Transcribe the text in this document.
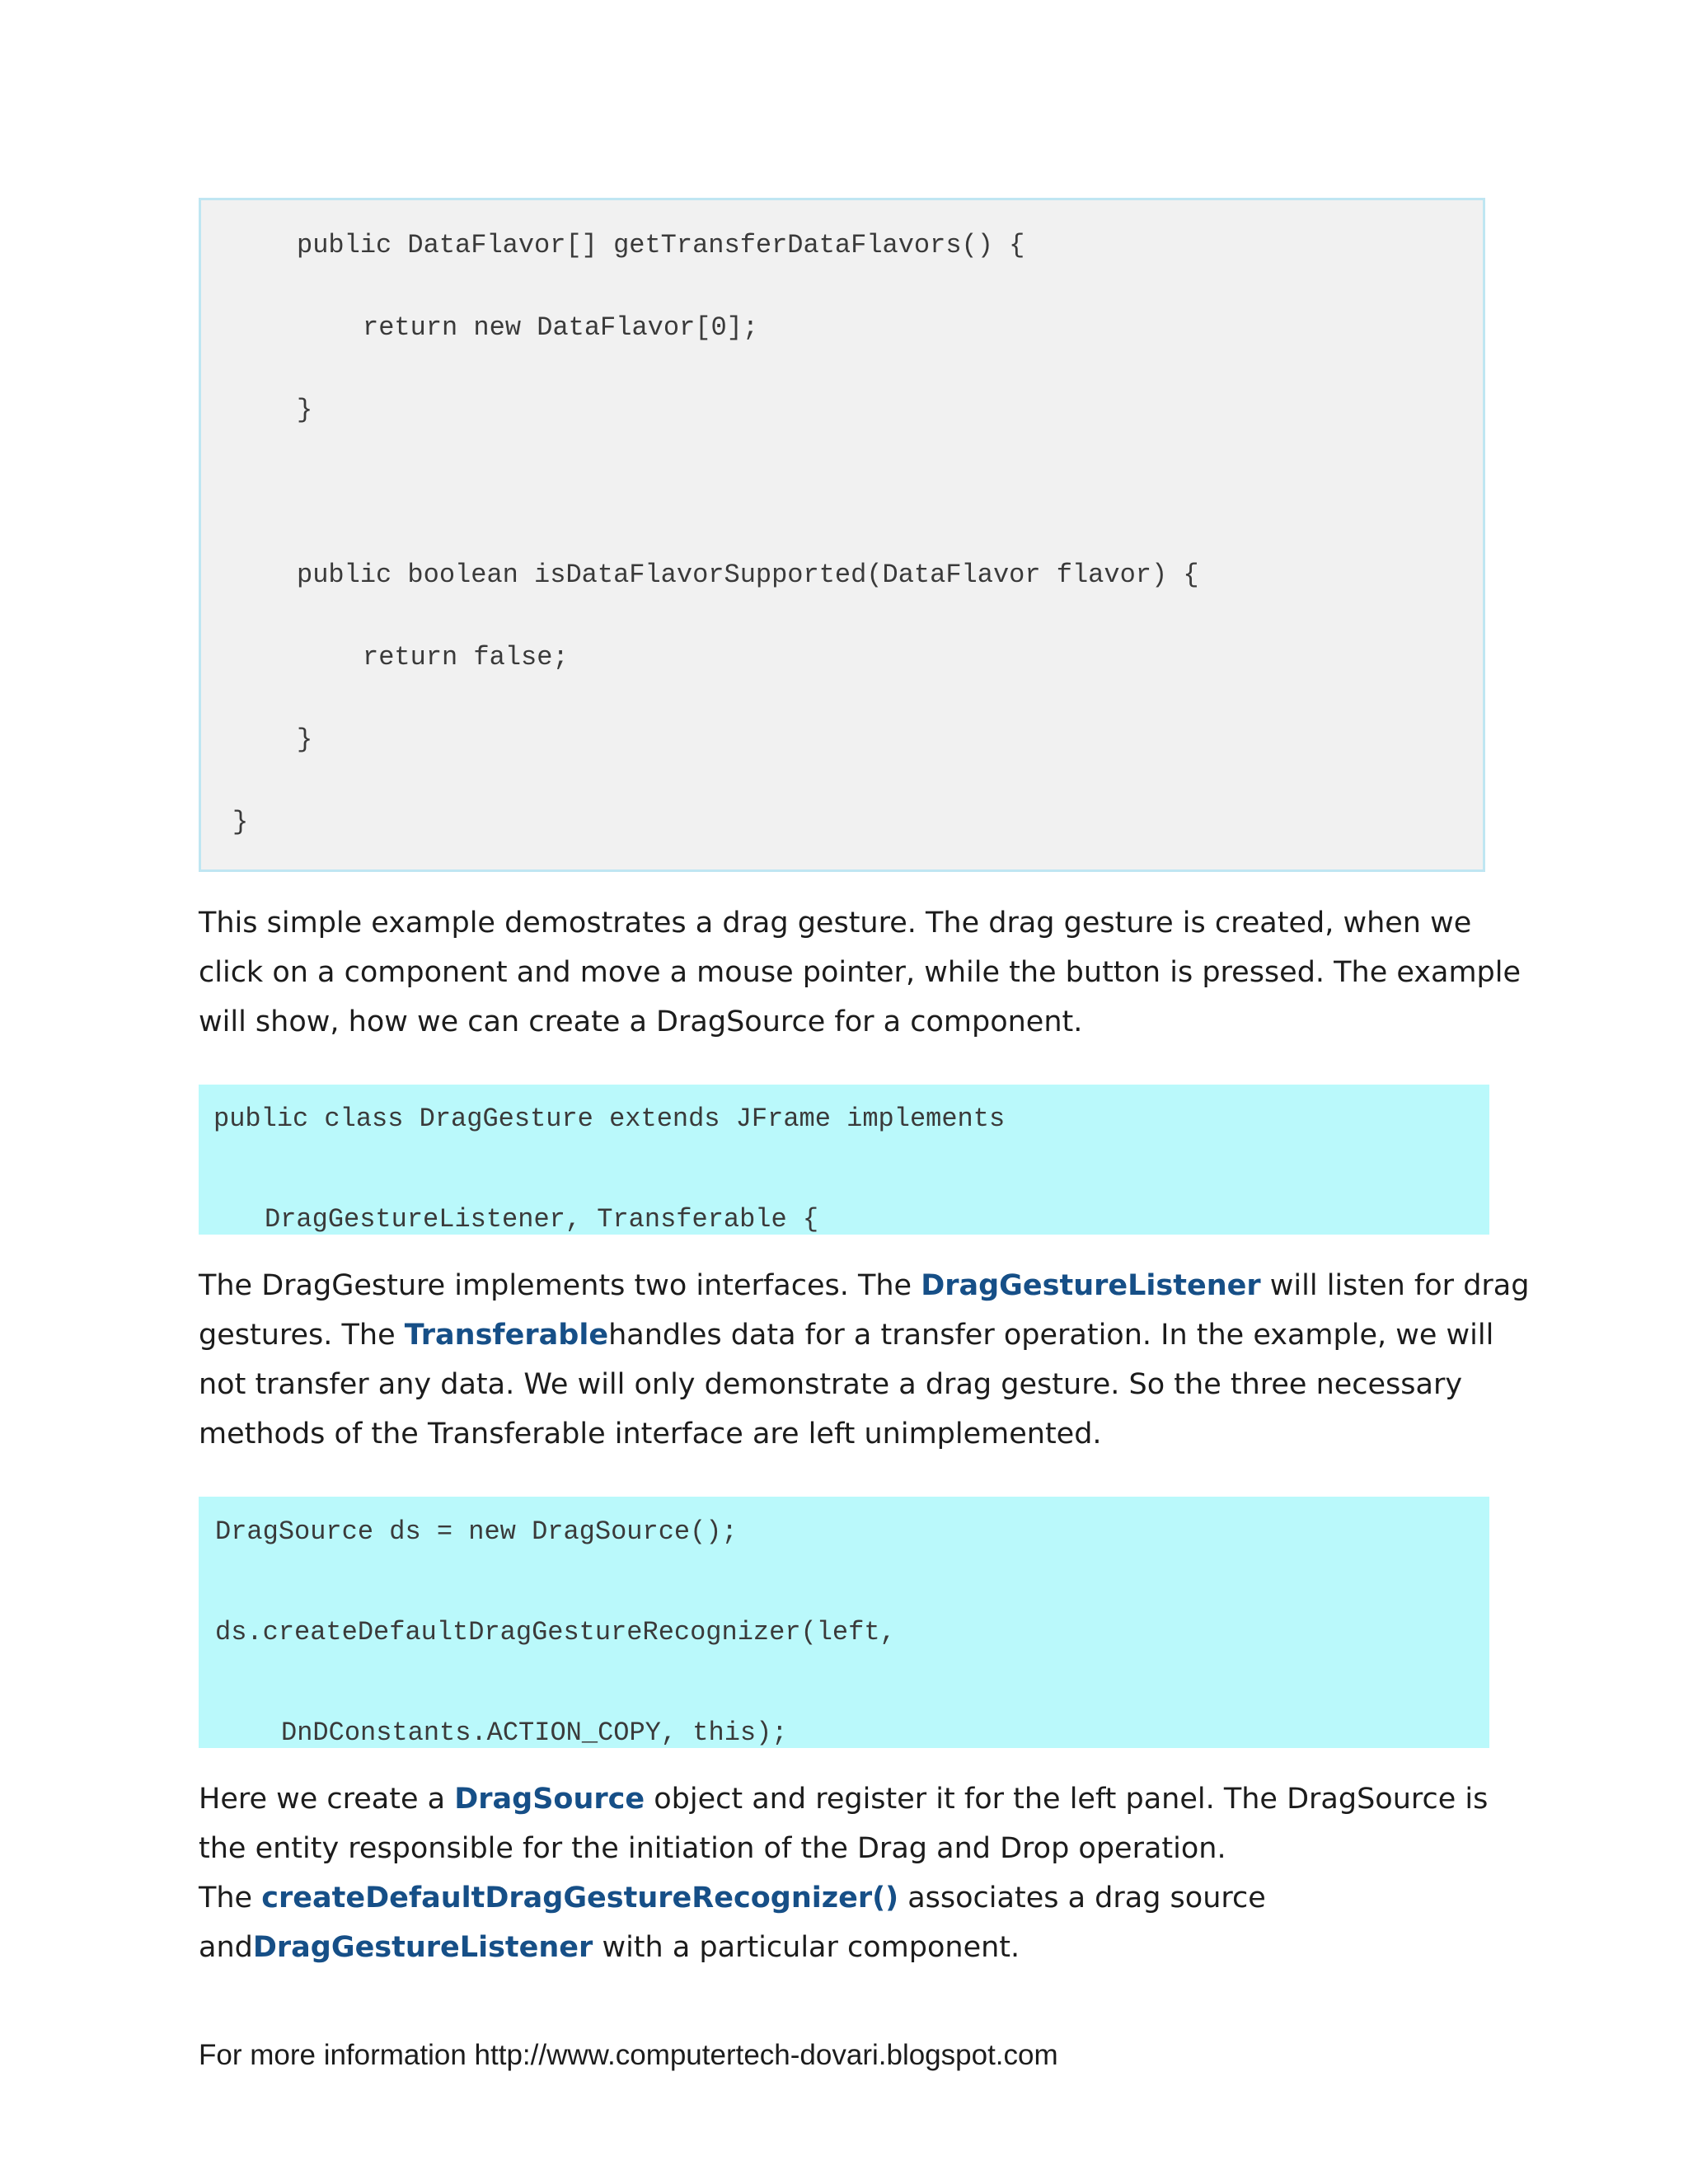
public DataFlavor[] getTransferDataFlavors() {

return new DataFlavor[0];

}

public boolean isDataFlavorSupported(DataFlavor flavor) {

return false;

}

}

This simple example demostrates a drag gesture. The drag gesture is created, when we
click on a component and move a mouse pointer, while the button is pressed. The example
will show, how we can create a DragSource for a component.

public class DragGesture extends JFrame implements

DragGestureListener, Transferable {

The DragGesture implements two interfaces. The DragGestureListener will listen for drag
gestures. The Transferablehandles data for a transfer operation. In the example, we will
not transfer any data. We will only demonstrate a drag gesture. So the three necessary
methods of the Transferable interface are left unimplemented.

DragSource ds = new DragSource();

ds.createDefaultDragGestureRecognizer(left,

DnDConstants.ACTION_COPY, this);

Here we create a DragSource object and register it for the left panel. The DragSource is
the entity responsible for the initiation of the Drag and Drop operation.
The createDefaultDragGestureRecognizer() associates a drag source
andDragGestureListener with a particular component.
For more information http://www.computertech-dovari.blogspot.com
